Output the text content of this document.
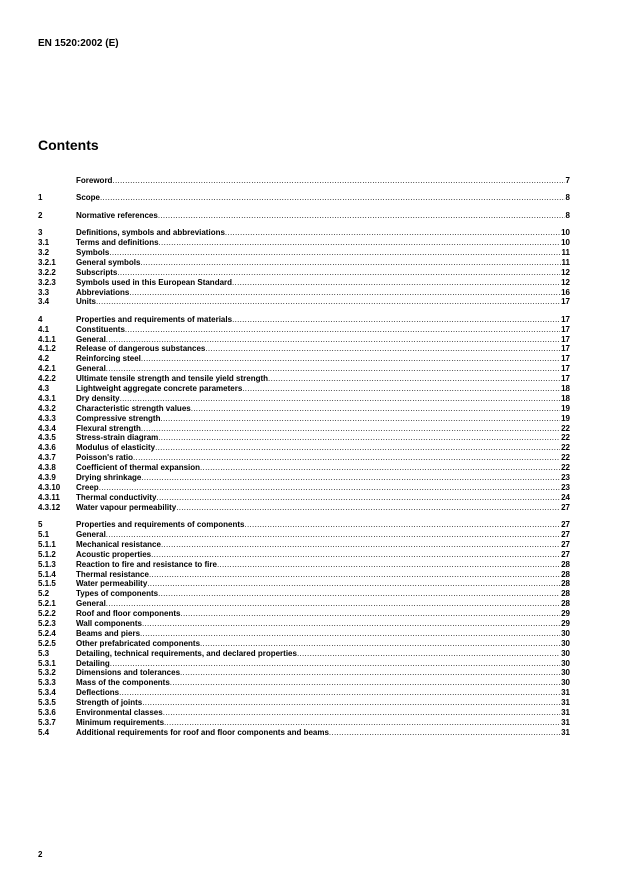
EN 1520:2002 (E)
Contents
Foreword .....	7
1	Scope .....	8
2	Normative references .....	8
3	Definitions, symbols and abbreviations .....	10
3.1	Terms and definitions .....	10
3.2	Symbols .....	11
3.2.1	General symbols .....	11
3.2.2	Subscripts .....	12
3.2.3	Symbols used in this European Standard .....	12
3.3	Abbreviations .....	16
3.4	Units .....	17
4	Properties and requirements of materials .....	17
4.1	Constituents .....	17
4.1.1	General .....	17
4.1.2	Release of dangerous substances .....	17
4.2	Reinforcing steel .....	17
4.2.1	General .....	17
4.2.2	Ultimate tensile strength and tensile yield strength .....	17
4.3	Lightweight aggregate concrete parameters .....	18
4.3.1	Dry density .....	18
4.3.2	Characteristic strength values .....	19
4.3.3	Compressive strength .....	19
4.3.4	Flexural strength .....	22
4.3.5	Stress-strain diagram .....	22
4.3.6	Modulus of elasticity .....	22
4.3.7	Poisson's ratio .....	22
4.3.8	Coefficient of thermal expansion .....	22
4.3.9	Drying shrinkage .....	23
4.3.10	Creep .....	23
4.3.11	Thermal conductivity .....	24
4.3.12	Water vapour permeability .....	27
5	Properties and requirements of components .....	27
5.1	General .....	27
5.1.1	Mechanical resistance .....	27
5.1.2	Acoustic properties .....	27
5.1.3	Reaction to fire and resistance to fire .....	28
5.1.4	Thermal resistance .....	28
5.1.5	Water permeability .....	28
5.2	Types of components .....	28
5.2.1	General .....	28
5.2.2	Roof and floor components .....	29
5.2.3	Wall components .....	29
5.2.4	Beams and piers .....	30
5.2.5	Other prefabricated components .....	30
5.3	Detailing, technical requirements, and declared properties .....	30
5.3.1	Detailing .....	30
5.3.2	Dimensions and tolerances .....	30
5.3.3	Mass of the components .....	30
5.3.4	Deflections .....	31
5.3.5	Strength of joints .....	31
5.3.6	Environmental classes .....	31
5.3.7	Minimum requirements .....	31
5.4	Additional requirements for roof and floor components and beams .....	31
2
